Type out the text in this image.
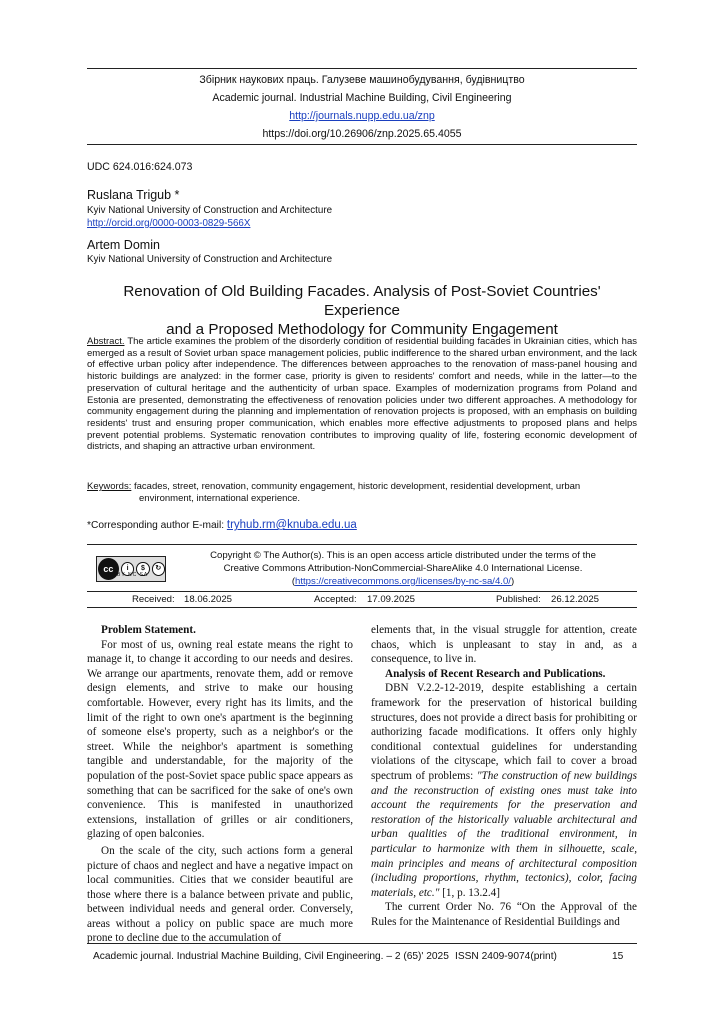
Збірник наукових праць. Галузеве машинобудування, будівництво
Academic journal. Industrial Machine Building, Civil Engineering
http://journals.nupp.edu.ua/znp
https://doi.org/10.26906/znp.2025.65.4055
UDC 624.016:624.073
Ruslana Trigub *
Kyiv National University of Construction and Architecture
http://orcid.org/0000-0003-0829-566X
Artem Domin
Kyiv National University of Construction and Architecture
Renovation of Old Building Facades. Analysis of Post-Soviet Countries' Experience
and a Proposed Methodology for Community Engagement
Abstract. The article examines the problem of the disorderly condition of residential building facades in Ukrainian cities, which has emerged as a result of Soviet urban space management policies, public indifference to the shared urban environment, and the lack of effective urban policy after independence. The differences between approaches to the renovation of mass-panel housing and historic buildings are analyzed: in the former case, priority is given to residents' comfort and needs, while in the latter—to the preservation of cultural heritage and the authenticity of urban space. Examples of modernization programs from Poland and Estonia are presented, demonstrating the effectiveness of renovation policies under two different approaches. A methodology for community engagement during the planning and implementation of renovation projects is proposed, with an emphasis on building residents' trust and ensuring proper communication, which enables more effective adjustments to proposed plans and helps prevent potential problems. Systematic renovation contributes to improving quality of life, fostering economic development of districts, and shaping an attractive urban environment.
Keywords: facades, street, renovation, community engagement, historic development, residential development, urban
environment, international experience.
*Corresponding author E-mail: tryhub.rm@knuba.edu.ua
cc	i	$	↻
BY NC SA
Copyright © The Author(s). This is an open access article distributed under the terms of the
Creative Commons Attribution-NonCommercial-ShareAlike 4.0 International License.
(https://creativecommons.org/licenses/by-nc-sa/4.0/)
Received: 18.06.2025	Accepted: 17.09.2025	Published: 26.12.2025
Problem Statement.

For most of us, owning real estate means the right to manage it, to change it according to our needs and desires. We arrange our apartments, renovate them, add or remove design elements, and strive to make our housing comfortable. However, every right has its limits, and the limit of the right to own one's apartment is the beginning of someone else's property, such as a neighbor's or the street. While the neighbor's apartment is something tangible and understandable, for the majority of the population of the post-Soviet space public space appears as something that can be sacrificed for the sake of one's own convenience. This is manifested in unauthorized extensions, installation of grilles or air conditioners, glazing of open balconies.

On the scale of the city, such actions form a general picture of chaos and neglect and have a negative impact on local communities. Cities that we consider beautiful are those where there is a balance between private and public, between individual needs and general order. Conversely, areas without a policy on public space are much more prone to decline due to the accumulation of

elements that, in the visual struggle for attention, create chaos, which is unpleasant to stay in and, as a consequence, to live in.

Analysis of Recent Research and Publications.

DBN V.2.2-12-2019, despite establishing a certain framework for the preservation of historical building structures, does not provide a direct basis for prohibiting or authorizing facade modifications. It offers only highly conditional contextual guidelines for understanding violations of the cityscape, which fail to cover a broad spectrum of problems: "The construction of new buildings and the reconstruction of existing ones must take into account the requirements for the preservation and restoration of the historically valuable architectural and urban qualities of the traditional environment, in particular to harmonize with them in silhouette, scale, main principles and means of architectural composition (including proportions, rhythm, tectonics), color, facing materials, etc." [1, p. 13.2.4]

The current Order No. 76 “On the Approval of the Rules for the Maintenance of Residential Buildings and

Academic journal. Industrial Machine Building, Civil Engineering. – 2 (65)' 2025 ISSN 2409-9074(print)	15
